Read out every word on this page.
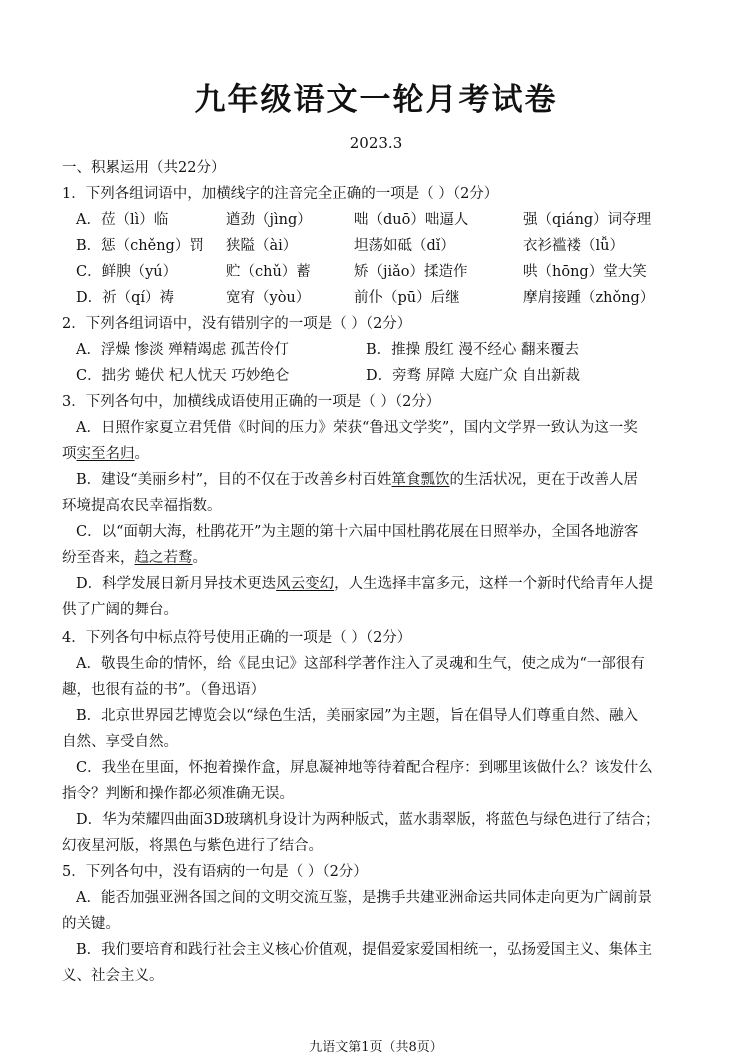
九年级语文一轮月考试卷
2023.3
一、积累运用（共22分）
1．下列各组词语中，加横线字的注音完全正确的一项是（ ）（2分）
A．莅（lì）临	遒劲（jìng）	咄（duō）咄逼人	强（qiáng）词夺理
B．惩（chěng）罚 狭隘（ài）	坦荡如砥（dǐ）	衣衫褴褛（lǚ）
C．鲜腴（yú）	贮（chǔ）蓄	矫（jiǎo）揉造作	哄（hōng）堂大笑
D．祈（qí）祷	宽宥（yòu）	前仆（pū）后继	摩肩接踵（zhǒng）
2．下列各组词语中，没有错别字的一项是（ ）（2分）
A．浮燥 惨淡 殚精竭虑 孤苦伶仃	B．推操 殷红 漫不经心 翻来覆去
C．拙劣 蜷伏 杞人忧天 巧妙绝仑	D．旁骛 屏障 大庭广众 自出新裁
3．下列各句中，加横线成语使用正确的一项是（ ）（2分）
A．日照作家夏立君凭借《时间的压力》荣获“鲁迅文学奖”，国内文学界一致认为这一奖
项实至名归。
B．建设“美丽乡村”，目的不仅在于改善乡村百姓箪食瓢饮的生活状况，更在于改善人居
环境提高农民幸福指数。
C．以“面朝大海，杜鹃花开”为主题的第十六届中国杜鹃花展在日照举办，全国各地游客
纷至沓来，趋之若鹜。
D．科学发展日新月异技术更迭风云变幻，人生选择丰富多元，这样一个新时代给青年人提
供了广阔的舞台。
4．下列各句中标点符号使用正确的一项是（ ）（2分）
A．敬畏生命的情怀，给《昆虫记》这部科学著作注入了灵魂和生气，使之成为“一部很有
趣，也很有益的书”。（鲁迅语）
B．北京世界园艺博览会以“绿色生活，美丽家园”为主题，旨在倡导人们尊重自然、融入
自然、享受自然。
C．我坐在里面，怀抱着操作盒，屏息凝神地等待着配合程序：到哪里该做什么？该发什么
指令？判断和操作都必须准确无误。
D．华为荣耀四曲面3D玻璃机身设计为两种版式，蓝水翡翠版，将蓝色与绿色进行了结合；
幻夜星河版，将黑色与紫色进行了结合。
5．下列各句中，没有语病的一句是（ ）（2分）
A．能否加强亚洲各国之间的文明交流互鉴，是携手共建亚洲命运共同体走向更为广阔前景
的关键。
B．我们要培育和践行社会主义核心价值观，提倡爱家爱国相统一，弘扬爱国主义、集体主
义、社会主义。
九语文第1页（共8页）
